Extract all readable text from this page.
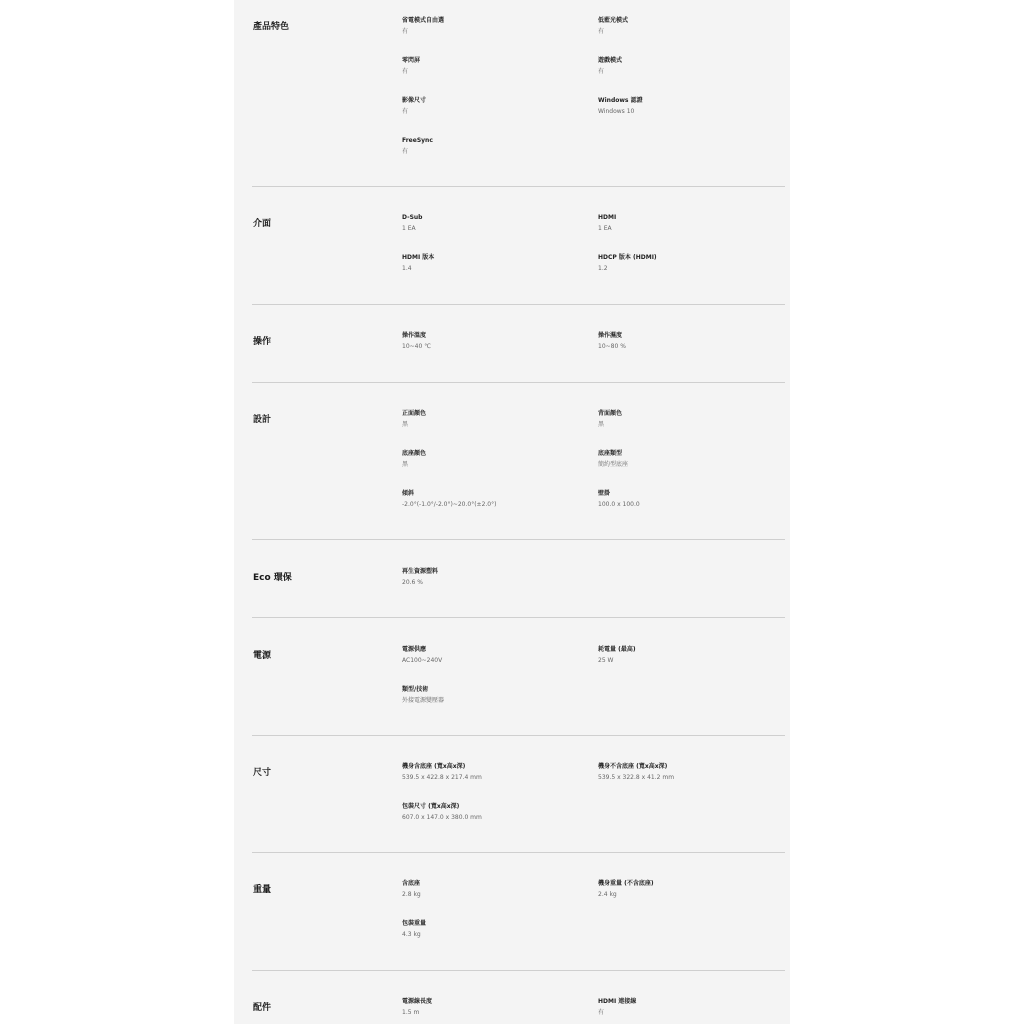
產品特色
省電模式自由選
有
低藍光模式
有
零閃屏
有
遊戲模式
有
影像尺寸
有
Windows 認證
Windows 10
FreeSync
有
介面
D-Sub
1 EA
HDMI
1 EA
HDMI 版本
1.4
HDCP 版本 (HDMI)
1.2
操作
操作溫度
10~40 ℃
操作濕度
10~80 %
設計
正面顏色
黑
背面顏色
黑
底座顏色
黑
底座類型
簡約型底座
傾斜
-2.0°(-1.0°/-2.0°)~20.0°(±2.0°)
壁掛
100.0 x 100.0
Eco 環保
再生資源塑料
20.6 %
電源
電源供應
AC100~240V
耗電量 (最高)
25 W
類型/技術
外接電源變壓器
尺寸
機身含底座 (寬x高x深)
539.5 x 422.8 x 217.4 mm
機身不含底座 (寬x高x深)
539.5 x 322.8 x 41.2 mm
包裝尺寸 (寬x高x深)
607.0 x 147.0 x 380.0 mm
重量
含底座
2.8 kg
機身重量 (不含底座)
2.4 kg
包裝重量
4.3 kg
配件
電源線長度
1.5 m
HDMI 連接線
有
